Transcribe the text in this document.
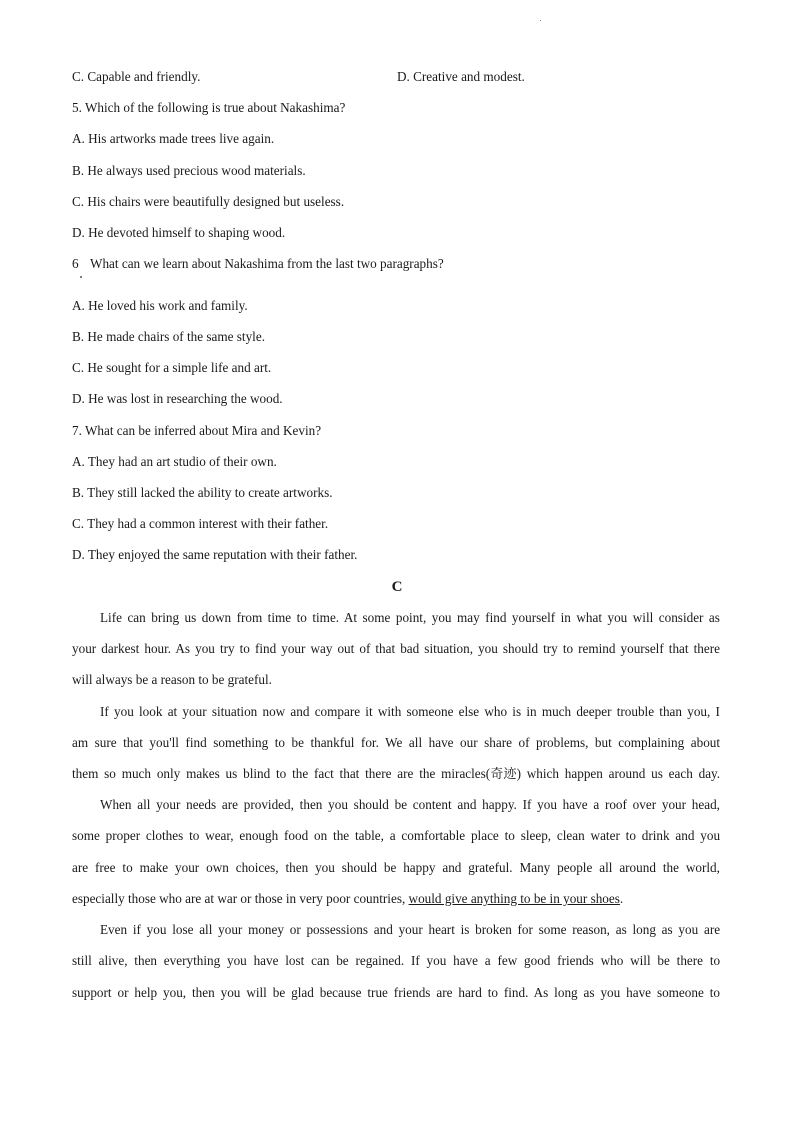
C. Capable and friendly.	D. Creative and modest.
5. Which of the following is true about Nakashima?
A. His artworks made trees live again.
B. He always used precious wood materials.
C. His chairs were beautifully designed but useless.
D. He devoted himself to shaping wood.
6 What can we learn about Nakashima from the last two paragraphs?
A. He loved his work and family.
B. He made chairs of the same style.
C. He sought for a simple life and art.
D. He was lost in researching the wood.
7. What can be inferred about Mira and Kevin?
A. They had an art studio of their own.
B. They still lacked the ability to create artworks.
C. They had a common interest with their father.
D. They enjoyed the same reputation with their father.
C
Life can bring us down from time to time. At some point, you may find yourself in what you will consider as
your darkest hour. As you try to find your way out of that bad situation, you should try to remind yourself that there
will always be a reason to be grateful.
If you look at your situation now and compare it with someone else who is in much deeper trouble than you, I
am sure that you'll find something to be thankful for. We all have our share of problems, but complaining about
them so much only makes us blind to the fact that there are the miracles(奇迹) which happen around us each day.
When all your needs are provided, then you should be content and happy. If you have a roof over your head,
some proper clothes to wear, enough food on the table, a comfortable place to sleep, clean water to drink and you
are free to make your own choices, then you should be happy and grateful. Many people all around the world,
especially those who are at war or those in very poor countries, would give anything to be in your shoes.
Even if you lose all your money or possessions and your heart is broken for some reason, as long as you are
still alive, then everything you have lost can be regained. If you have a few good friends who will be there to
support or help you, then you will be glad because true friends are hard to find. As long as you have someone to
